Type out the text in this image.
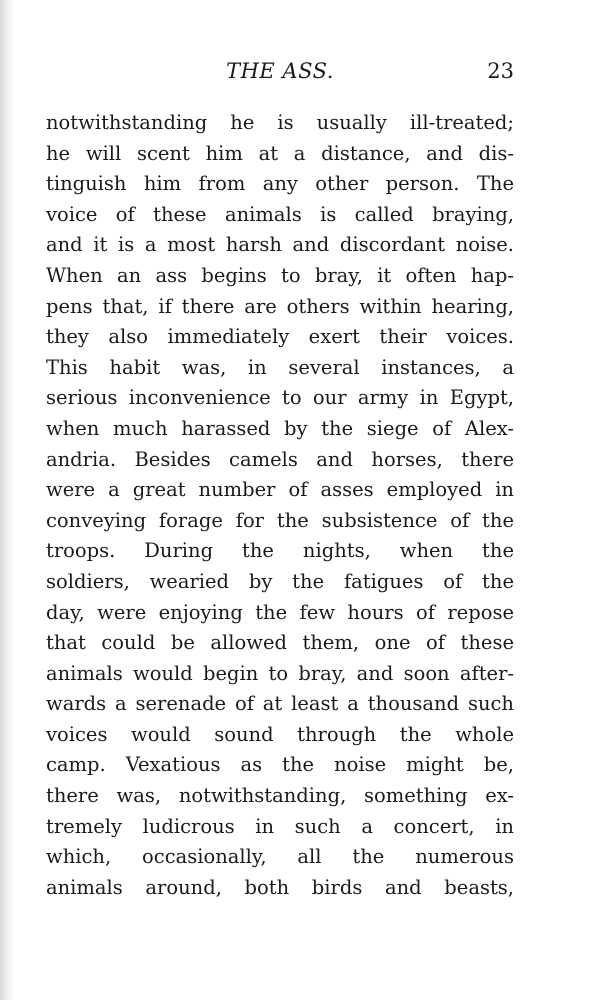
THE ASS.	23
notwithstanding he is usually ill-treated;
he will scent him at a distance, and dis-
tinguish him from any other person. The
voice of these animals is called braying,
and it is a most harsh and discordant noise.
When an ass begins to bray, it often hap-
pens that, if there are others within hearing,
they also immediately exert their voices.
This habit was, in several instances, a
serious inconvenience to our army in Egypt,
when much harassed by the siege of Alex-
andria. Besides camels and horses, there
were a great number of asses employed in
conveying forage for the subsistence of the
troops. During the nights, when the
soldiers, wearied by the fatigues of the
day, were enjoying the few hours of repose
that could be allowed them, one of these
animals would begin to bray, and soon after-
wards a serenade of at least a thousand such
voices would sound through the whole
camp. Vexatious as the noise might be,
there was, notwithstanding, something ex-
tremely ludicrous in such a concert, in
which, occasionally, all the numerous
animals around, both birds and beasts,
